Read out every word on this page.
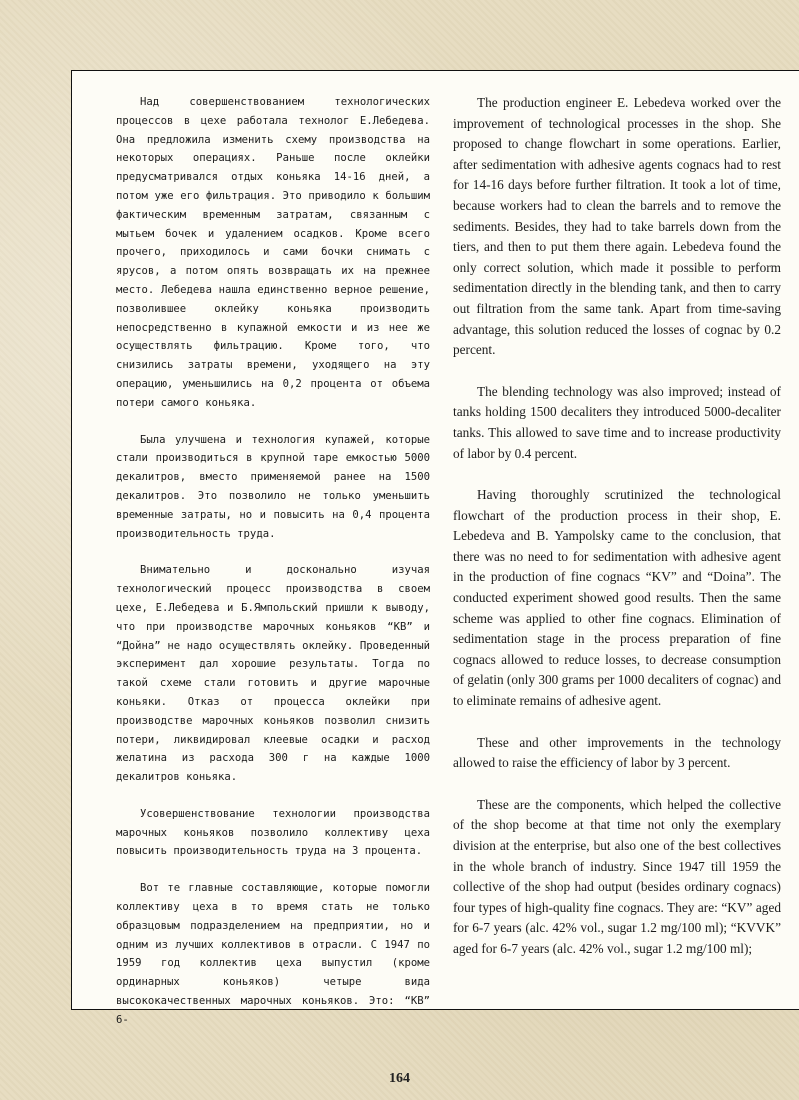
Над совершенствованием технологических процессов в цехе работала технолог Е.Лебедева. Она предложила изменить схему производства на некоторых операциях. Раньше после оклейки предусматривался отдых коньяка 14-16 дней, а потом уже его фильтрация. Это приводило к большим фактическим временным затратам, связанным с мытьем бочек и удалением осадков. Кроме всего прочего, приходилось и сами бочки снимать с ярусов, а потом опять возвращать их на прежнее место. Лебедева нашла единственно верное решение, позволившее оклейку коньяка производить непосредственно в купажной емкости и из нее же осуществлять фильтрацию. Кроме того, что снизились затраты времени, уходящего на эту операцию, уменьшились на 0,2 процента от объема потери самого коньяка.

Была улучшена и технология купажей, которые стали производиться в крупной таре емкостью 5000 декалитров, вместо применяемой ранее на 1500 декалитров. Это позволило не только уменьшить временные затраты, но и повысить на 0,4 процента производительность труда.

Внимательно и досконально изучая технологический процесс производства в своем цехе, Е.Лебедева и Б.Ямпольский пришли к выводу, что при производстве марочных коньяков “КВ” и “Дойна” не надо осуществлять оклейку. Проведенный эксперимент дал хорошие результаты. Тогда по такой схеме стали готовить и другие марочные коньяки. Отказ от процесса оклейки при производстве марочных коньяков позволил снизить потери, ликвидировал клеевые осадки и расход желатина из расхода 300 г на каждые 1000 декалитров коньяка.

Усовершенствование технологии производства марочных коньяков позволило коллективу цеха повысить производительность труда на 3 процента.

Вот те главные составляющие, которые помогли коллективу цеха в то время стать не только образцовым подразделением на предприятии, но и одним из лучших коллективов в отрасли. С 1947 по 1959 год коллектив цеха выпустил (кроме ординарных коньяков) четыре вида высококачественных марочных коньяков. Это: “КВ” 6-

The production engineer E. Lebedeva worked over the improvement of technological processes in the shop. She proposed to change flowchart in some operations. Earlier, after sedimentation with adhesive agents cognacs had to rest for 14-16 days before further filtration. It took a lot of time, because workers had to clean the barrels and to remove the sediments. Besides, they had to take barrels down from the tiers, and then to put them there again. Lebedeva found the only correct solution, which made it possible to perform sedimentation directly in the blending tank, and then to carry out filtration from the same tank. Apart from time-saving advantage, this solution reduced the losses of cognac by 0.2 percent.

The blending technology was also improved; instead of tanks holding 1500 decaliters they introduced 5000-decaliter tanks. This allowed to save time and to increase productivity of labor by 0.4 percent.

Having thoroughly scrutinized the technological flowchart of the production process in their shop, E. Lebedeva and B. Yampolsky came to the conclusion, that there was no need to for sedimentation with adhesive agent in the production of fine cognacs “KV” and “Doina”. The conducted experiment showed good results. Then the same scheme was applied to other fine cognacs. Elimination of sedimentation stage in the process preparation of fine cognacs allowed to reduce losses, to decrease consumption of gelatin (only 300 grams per 1000 decaliters of cognac) and to eliminate remains of adhesive agent.

These and other improvements in the technology allowed to raise the efficiency of labor by 3 percent.

These are the components, which helped the collective of the shop become at that time not only the exemplary division at the enterprise, but also one of the best collectives in the whole branch of industry. Since 1947 till 1959 the collective of the shop had output (besides ordinary cognacs) four types of high-quality fine cognacs. They are: “KV” aged for 6-7 years (alc. 42% vol., sugar 1.2 mg/100 ml); “KVVK” aged for 6-7 years (alc. 42% vol., sugar 1.2 mg/100 ml);

164
